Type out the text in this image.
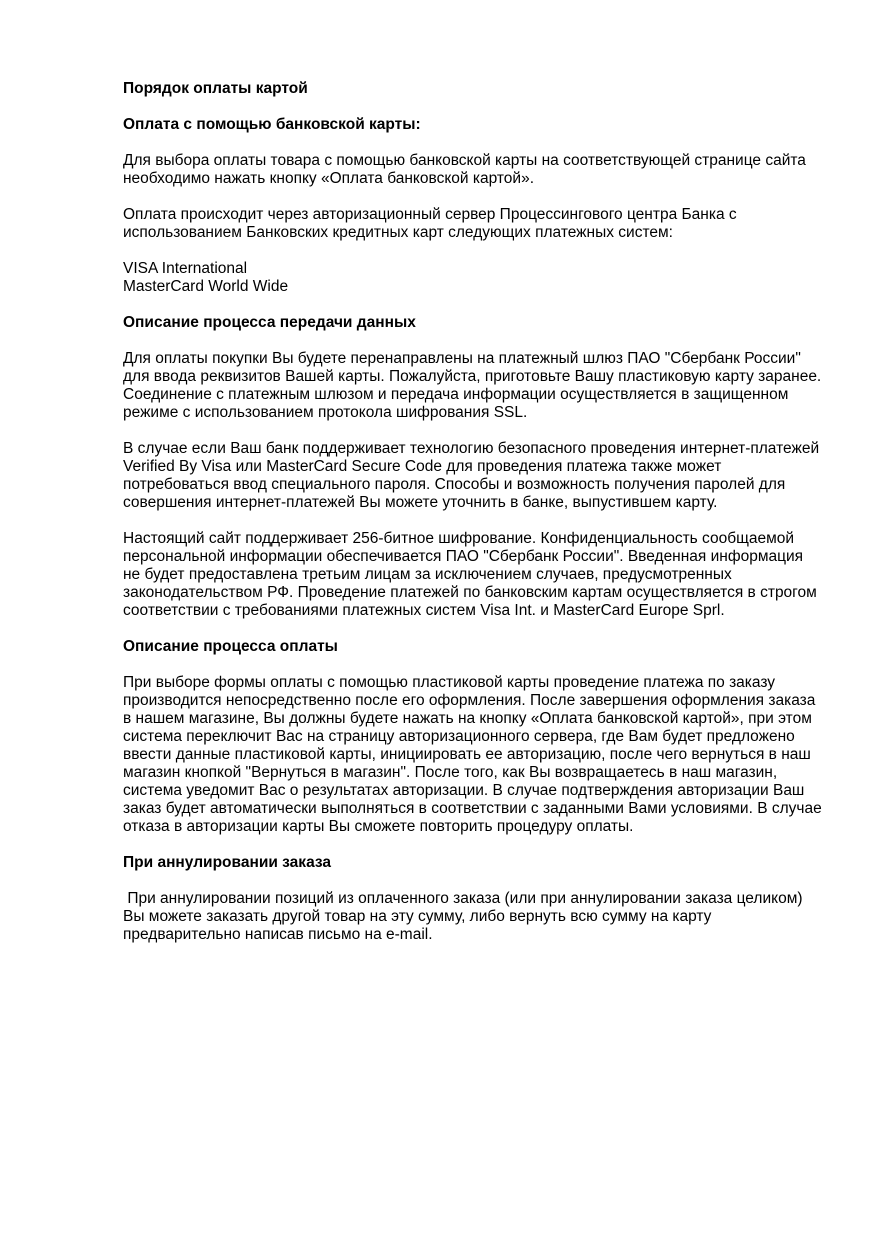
Порядок оплаты картой
Оплата с помощью банковской карты:

Для выбора оплаты товара с помощью банковской карты на соответствующей странице сайта необходимо нажать кнопку «Оплата банковской картой».

Оплата происходит через авторизационный сервер Процессингового центра Банка с использованием Банковских кредитных карт следующих платежных систем:

VISA International
MasterCard World Wide
Описание процесса передачи данных

Для оплаты покупки Вы будете перенаправлены на платежный шлюз ПАО "Сбербанк России" для ввода реквизитов Вашей карты. Пожалуйста, приготовьте Вашу пластиковую карту заранее. Соединение с платежным шлюзом и передача информации осуществляется в защищенном режиме с использованием протокола шифрования SSL.

В случае если Ваш банк поддерживает технологию безопасного проведения интернет-платежей Verified By Visa или MasterCard Secure Code для проведения платежа также может потребоваться ввод специального пароля. Способы и возможность получения паролей для совершения интернет-платежей Вы можете уточнить в банке, выпустившем карту.

Настоящий сайт поддерживает 256-битное шифрование. Конфиденциальность сообщаемой персональной информации обеспечивается ПАО "Сбербанк России". Введенная информация не будет предоставлена третьим лицам за исключением случаев, предусмотренных законодательством РФ. Проведение платежей по банковским картам осуществляется в строгом соответствии с требованиями платежных систем Visa Int. и MasterCard Europe Sprl.

Описание процесса оплаты

При выборе формы оплаты с помощью пластиковой карты проведение платежа по заказу производится непосредственно после его оформления. После завершения оформления заказа в нашем магазине, Вы должны будете нажать на кнопку «Оплата банковской картой», при этом система переключит Вас на страницу авторизационного сервера, где Вам будет предложено ввести данные пластиковой карты, инициировать ее авторизацию, после чего вернуться в наш магазин кнопкой "Вернуться в магазин". После того, как Вы возвращаетесь в наш магазин, система уведомит Вас о результатах авторизации. В случае подтверждения авторизации Ваш заказ будет автоматически выполняться в соответствии с заданными Вами условиями. В случае отказа в авторизации карты Вы сможете повторить процедуру оплаты.

При аннулировании заказа

При аннулировании позиций из оплаченного заказа (или при аннулировании заказа целиком) Вы можете заказать другой товар на эту сумму, либо вернуть всю сумму на карту предварительно написав письмо на e-mail.
